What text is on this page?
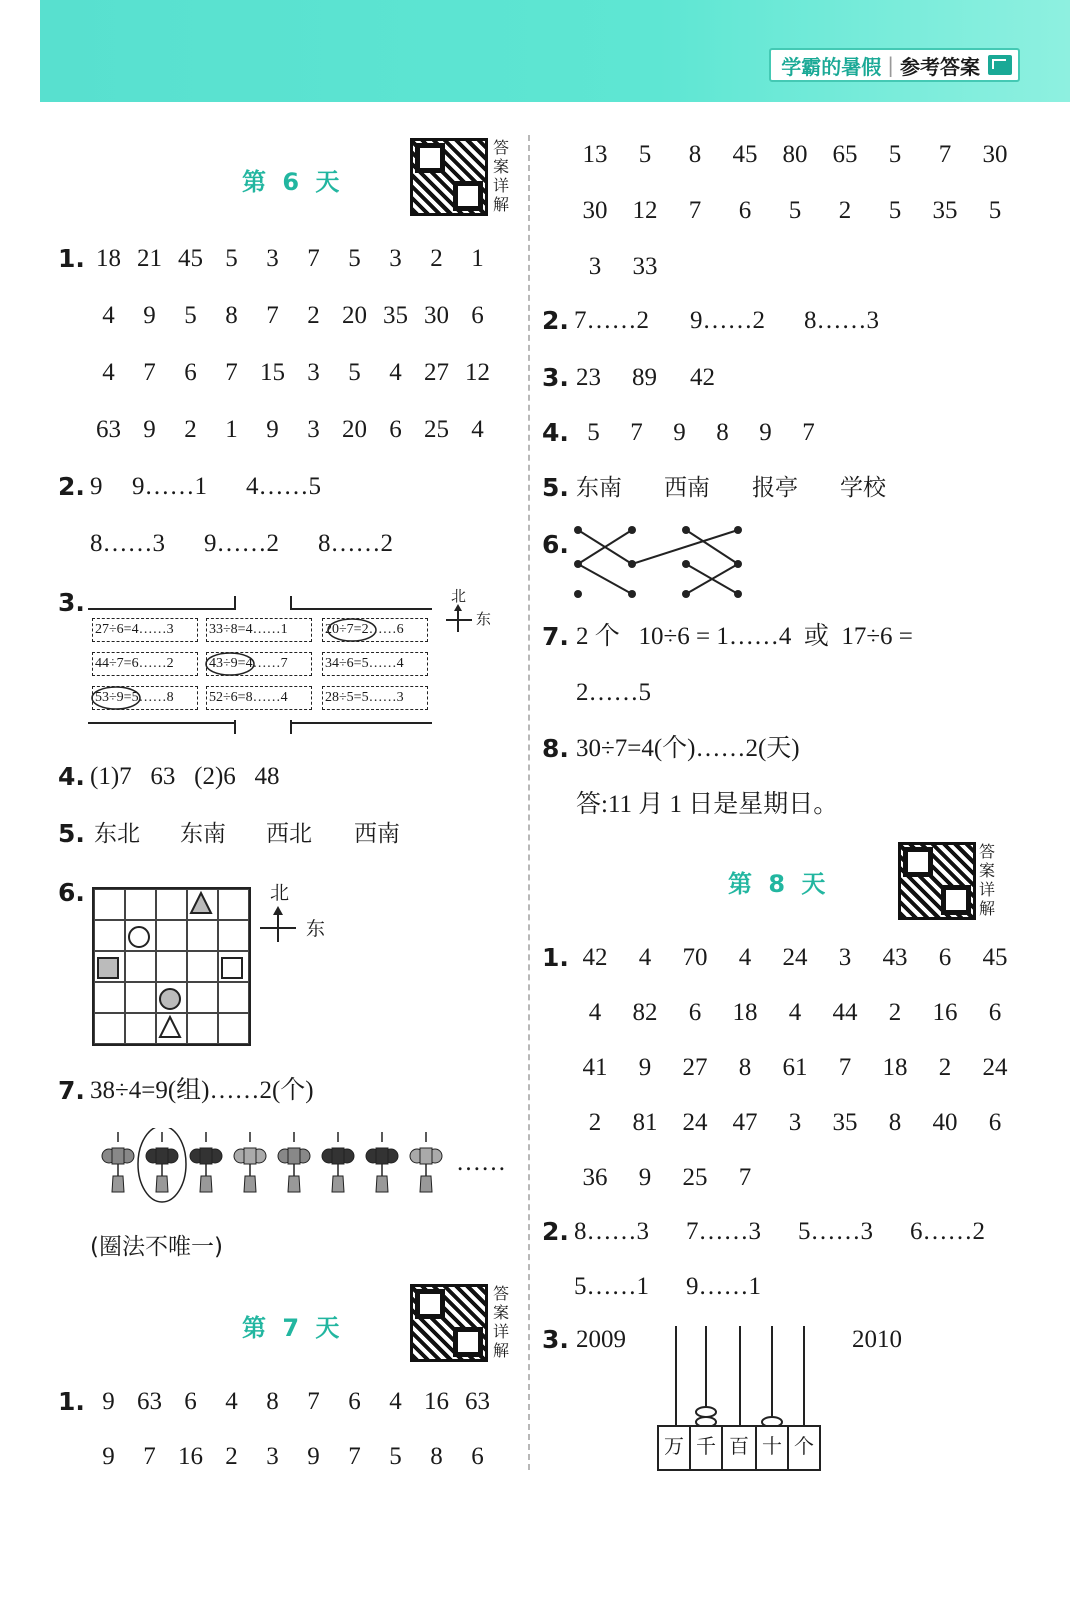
学霸的暑假 | 参考答案
第 6 天
答
案
详
解
1. 18 21 45 5	3	7	5	3	2	1
4	9	5	8	7	2 20 35 30 6
4	7	6	7 15 3	5	4 27 12
63 9	2	1	9	3 20 6 25 4
2. 9 9……1 4……5
8……3 9……2 8……2
3.
27÷6=4……3	33÷8=4……1	20÷7=2……6
44÷7=6……2	43÷9=4……7	34÷6=5……4
53÷9=5……8	52÷6=8……4	28÷5=5……3
北
东
4. (1)7   63   (2)6   48
5. 东北 东南 西北 西南
6.	北
东
7. 38÷4=9(组)……2(个)
……
(圈法不唯一)
第 7 天
答
案
详
解
1. 9 63 6	4	8	7	6	4 16 63
9	7 16 2	3	9	7	5	8	6
13	5	8	45	80	65	5	7	30
30	12	7	6	5	2	5	35	5
3	33
2. 7……2 9……2 8……3
3. 23 89 42
4. 5	7	9	8	9	7
5. 东南 西南 报亭 学校
6.
7. 2 个   10÷6 = 1……4  或  17÷6 =
2……5
8. 30÷7=4(个)……2(天)
答:11 月 1 日是星期日。
第 8 天
答
案
详
解
1. 42	4	70	4	24	3	43	6	45
4	82	6	18	4	44	2	16	6
41	9	27	8	61	7	18	2	24
2	81	24	47	3	35	8	40	6
36	9	25	7
2. 8……3 7……3 5……3 6……2
5……1 9……1
3. 2009	2010
万 千 百 十 个
